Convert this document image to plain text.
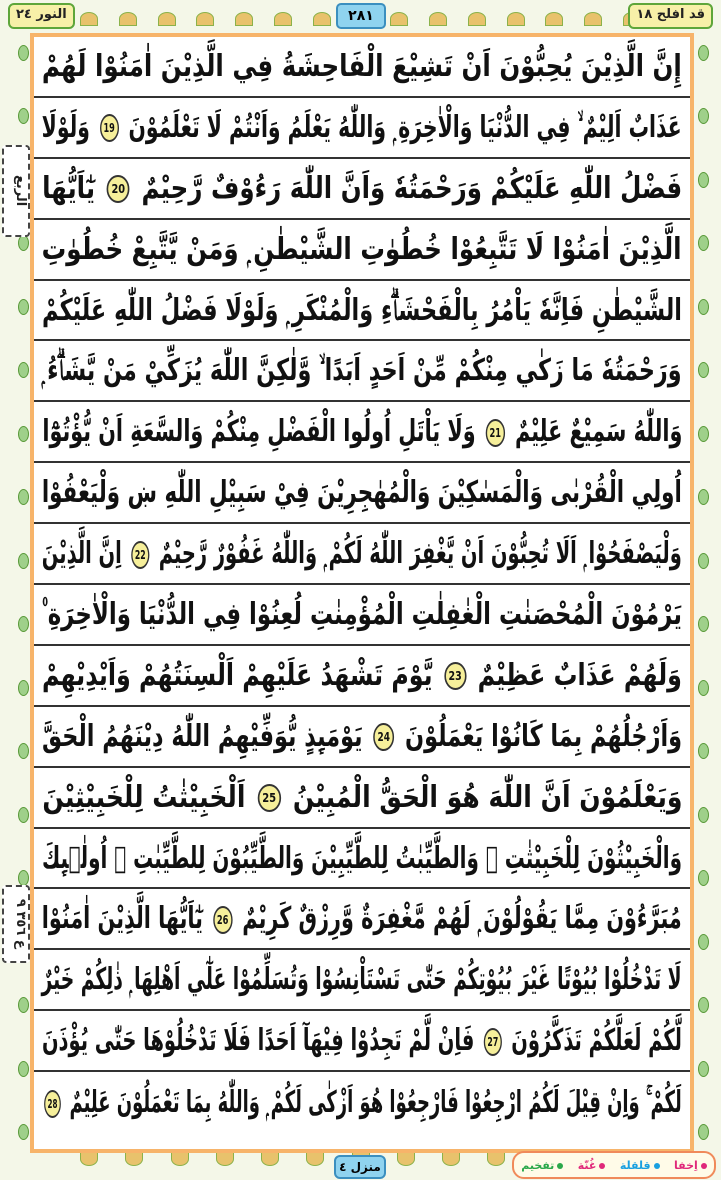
النور ٢٤	٢٨١	قد افلح ١٨
الربع
ع ٣٥٦ ٩
إِنَّ الَّذِيْنَ يُحِبُّوْنَ اَنْ تَشِيْعَ الْفَاحِشَةُ فِي الَّذِيْنَ اٰمَنُوْا لَهُمْ
عَذَابٌ اَلِيْمٌ ۙ فِي الدُّنْيَا وَالْاٰخِرَةِ ۭ وَاللّٰهُ يَعْلَمُ وَاَنْتُمْ لَا تَعْلَمُوْنَ 19 وَلَوْلَا
فَضْلُ اللّٰهِ عَلَيْكُمْ وَرَحْمَتُهٗ وَاَنَّ اللّٰهَ رَءُوْفٌ رَّحِيْمٌ 20 يٰٓاَيُّهَا
الَّذِيْنَ اٰمَنُوْا لَا تَتَّبِعُوْا خُطُوٰتِ الشَّيْطٰنِ ۭ وَمَنْ يَّتَّبِعْ خُطُوٰتِ
الشَّيْطٰنِ فَاِنَّهٗ يَاْمُرُ بِالْفَحْشَاۗءِ وَالْمُنْكَرِ ۭ وَلَوْلَا فَضْلُ اللّٰهِ عَلَيْكُمْ
وَرَحْمَتُهٗ مَا زَكٰي مِنْكُمْ مِّنْ اَحَدٍ اَبَدًا ۙ وَّلٰكِنَّ اللّٰهَ يُزَكِّيْ مَنْ يَّشَاۗءُ ۭ
وَاللّٰهُ سَمِيْعٌ عَلِيْمٌ 21 وَلَا يَاْتَلِ اُولُوا الْفَضْلِ مِنْكُمْ وَالسَّعَةِ اَنْ يُّؤْتُوْٓا
اُولِي الْقُرْبٰى وَالْمَسٰكِيْنَ وَالْمُهٰجِرِيْنَ فِيْ سَبِيْلِ اللّٰهِ ښ وَلْيَعْفُوْا
وَلْيَصْفَحُوْا ۭ اَلَا تُحِبُّوْنَ اَنْ يَّغْفِرَ اللّٰهُ لَكُمْ ۭ وَاللّٰهُ غَفُوْرٌ رَّحِيْمٌ 22 اِنَّ الَّذِيْنَ
يَرْمُوْنَ الْمُحْصَنٰتِ الْغٰفِلٰتِ الْمُؤْمِنٰتِ لُعِنُوْا فِي الدُّنْيَا وَالْاٰخِرَةِ ۠
وَلَهُمْ عَذَابٌ عَظِيْمٌ 23 يَّوْمَ تَشْهَدُ عَلَيْهِمْ اَلْسِنَتُهُمْ وَاَيْدِيْهِمْ
وَاَرْجُلُهُمْ بِمَا كَانُوْا يَعْمَلُوْنَ 24 يَوْمَىِٕذٍ يُّوَفِّيْهِمُ اللّٰهُ دِيْنَهُمُ الْحَقَّ
وَيَعْلَمُوْنَ اَنَّ اللّٰهَ هُوَ الْحَقُّ الْمُبِيْنُ 25 اَلْخَبِيْثٰتُ لِلْخَبِيْثِيْنَ
وَالْخَبِيْثُوْنَ لِلْخَبِيْثٰتِ ۚ وَالطَّيِّبٰتُ لِلطَّيِّبِيْنَ وَالطَّيِّبُوْنَ لِلطَّيِّبٰتِ ۚ اُولٰۗىِٕكَ
مُبَرَّءُوْنَ مِمَّا يَقُوْلُوْنَ ۭ لَهُمْ مَّغْفِرَةٌ وَّرِزْقٌ كَرِيْمٌ 26 يٰٓاَيُّهَا الَّذِيْنَ اٰمَنُوْا
لَا تَدْخُلُوْا بُيُوْتًا غَيْرَ بُيُوْتِكُمْ حَتّٰى تَسْتَاْنِسُوْا وَتُسَلِّمُوْا عَلٰٓي اَهْلِهَا ۭ ذٰلِكُمْ خَيْرٌ
لَّكُمْ لَعَلَّكُمْ تَذَكَّرُوْنَ 27 فَاِنْ لَّمْ تَجِدُوْا فِيْهَآ اَحَدًا فَلَا تَدْخُلُوْهَا حَتّٰى يُؤْذَنَ
لَكُمْ ۚ وَاِنْ قِيْلَ لَكُمُ ارْجِعُوْا فَارْجِعُوْا هُوَ اَزْكٰى لَكُمْ ۭ وَاللّٰهُ بِمَا تَعْمَلُوْنَ عَلِيْمٌ 28
منزل ٤	اِخفا
قلقلة
غُنّة
تفخيم
